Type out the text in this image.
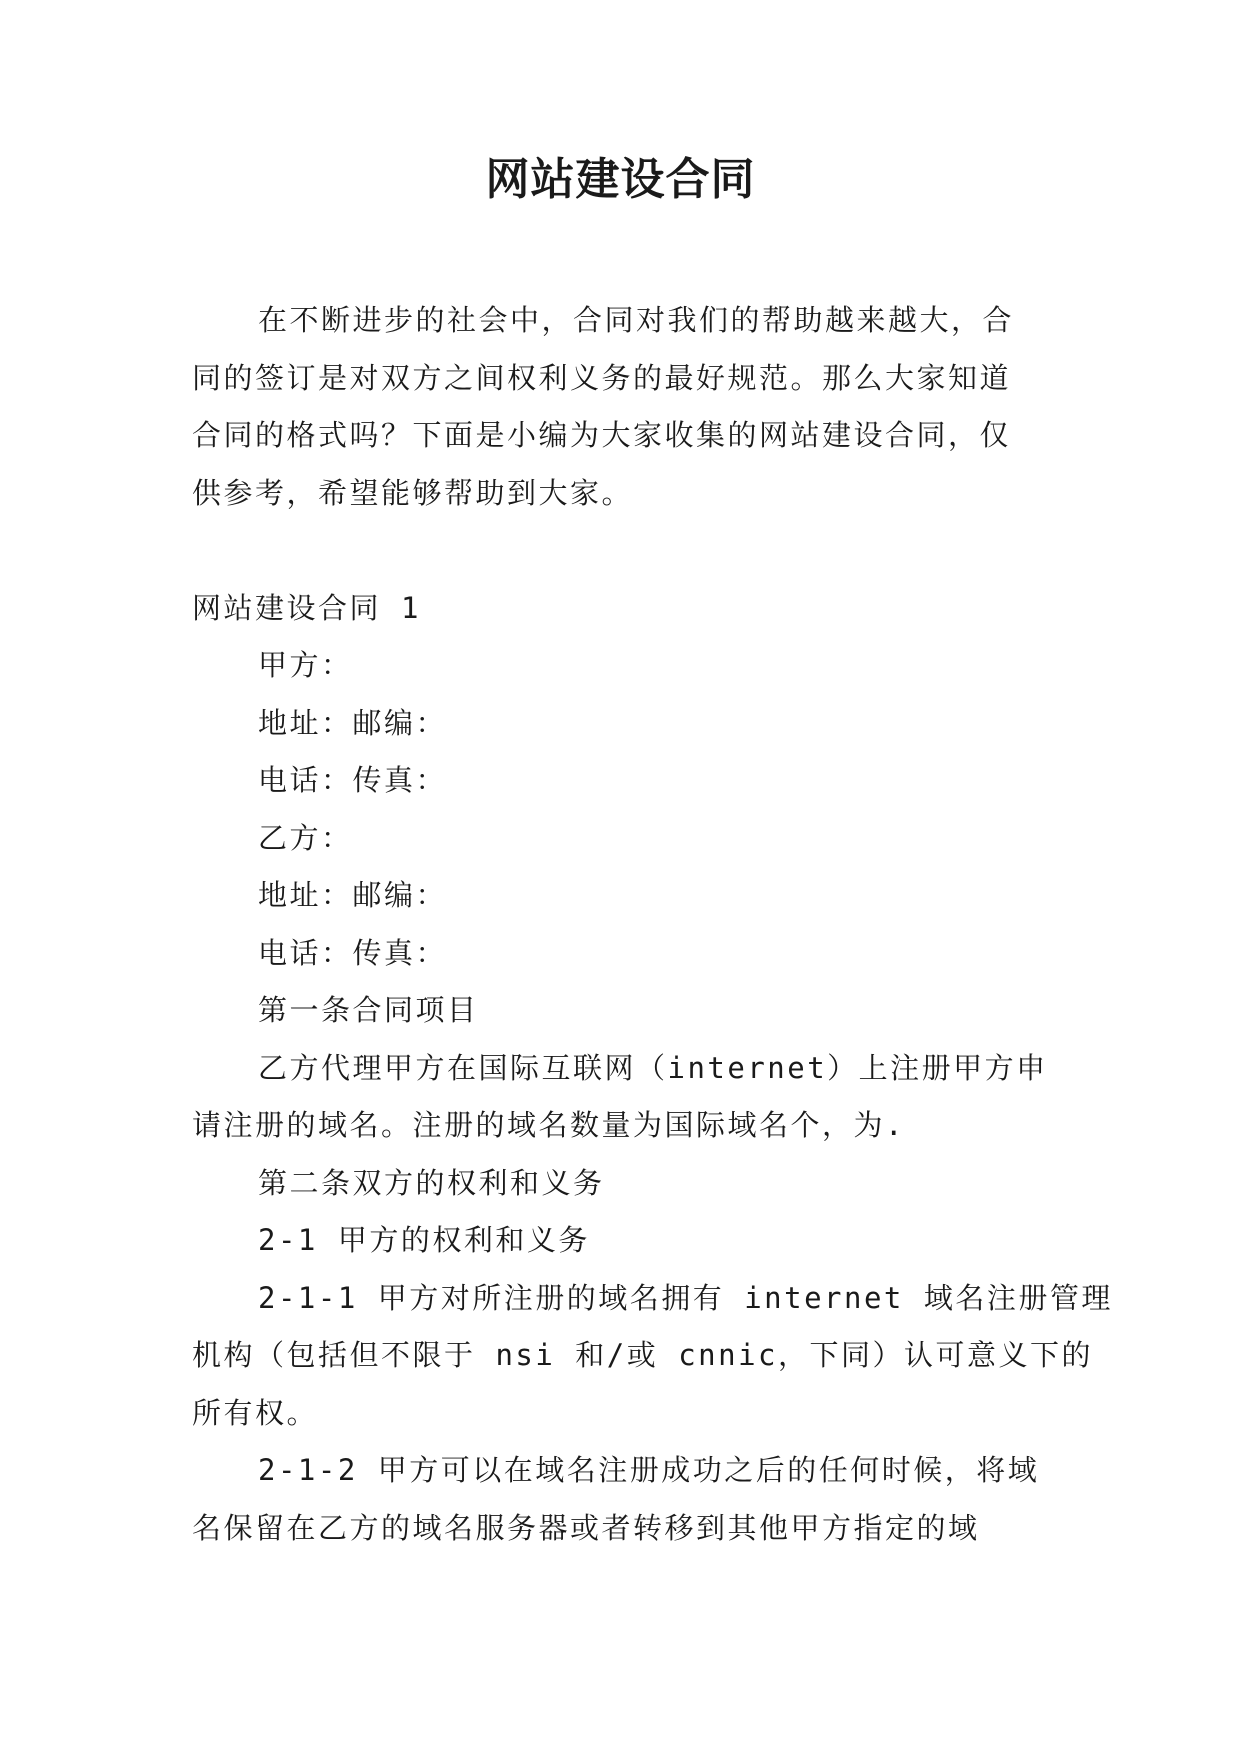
网站建设合同

在不断进步的社会中，合同对我们的帮助越来越大，合

同的签订是对双方之间权利义务的最好规范。那么大家知道

合同的格式吗？下面是小编为大家收集的网站建设合同，仅

供参考，希望能够帮助到大家。

网站建设合同 1

甲方：

地址：邮编：

电话：传真：

乙方：

地址：邮编：

电话：传真：

第一条合同项目

乙方代理甲方在国际互联网（internet）上注册甲方申

请注册的域名。注册的域名数量为国际域名个，为.

第二条双方的权利和义务

2-1 甲方的权利和义务

2-1-1 甲方对所注册的域名拥有 internet 域名注册管理

机构（包括但不限于 nsi 和/或 cnnic，下同）认可意义下的

所有权。

2-1-2 甲方可以在域名注册成功之后的任何时候，将域

名保留在乙方的域名服务器或者转移到其他甲方指定的域
